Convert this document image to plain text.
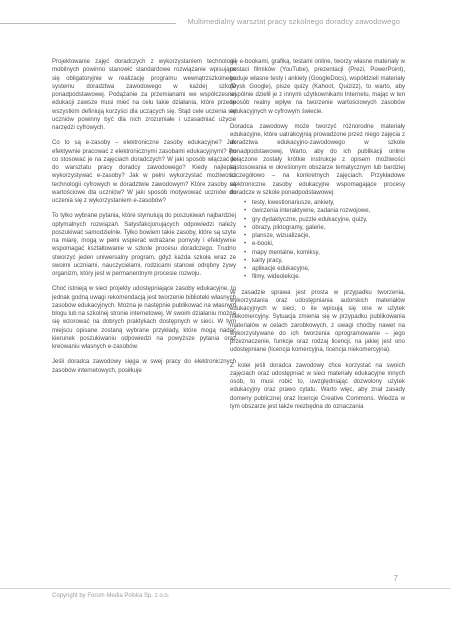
Multimedialny warsztat pracy szkolnego doradcy zawodowego

Projektowanie zajęć doradczych z wykorzystaniem technologii mobilnych powinno stanowić standardowe rozwiązanie wpisujące się obligatoryjnie w realizację programu wewnątrzszkolnego systemu doradztwa zawodowego w każdej szkole ponadpodstawowej. Podążanie za przemianami we współczesnej edukacji zawsze musi mieć na celu takie działania, które przede wszystkim definiują korzyści dla uczących się. Stąd cele uczenia się uczniów powinny być dla nich zrozumiałe i uzasadniać użycie narzędzi cyfrowych.

Co to są e-zasoby – elektroniczne zasoby edukacyjne? Jak efektywnie pracować z elektronicznymi zasobami edukacyjnymi? Po co stosować je na zajęciach doradczych? W jaki sposób włączać je do warsztatu pracy doradcy zawodowego? Kiedy najlepiej wykorzystywać e-zasoby? Jak w pełni wykorzystać możliwości technologii cyfrowych w doradztwie zawodowym? Które zasoby są wartościowe dla uczniów? W jaki sposób motywować uczniów do uczenia się z wykorzystaniem e-zasobów?

To tylko wybrane pytania, które stymulują do poszukiwań najbardziej optymalnych rozwiązań. Satysfakcjonujących odpowiedzi należy poszukiwać samodzielnie. Tylko bowiem takie zasoby, które są szyte na miarę, mogą w pełni wspierać wdrażane pomysły i efektywnie wspomagać kształtowanie w szkole procesu doradczego. Trudno stworzyć jeden uniwersalny program, gdyż każda szkoła wraz ze swoimi uczniami, nauczycielami, rodzicami stanowi odrębny żywy organizm, który jest w permanentnym procesie rozwoju.

Choć istnieją w sieci projekty udostępniające zasoby edukacyjne, to jednak godną uwagi rekomendacją jest tworzenie biblioteki własnych zasobów edukacyjnych. Można je następnie publikować na własnym blogu lub na szkolnej stronie internetowej. W swoim działaniu można się wzorować na dobrych praktykach dostępnych w sieci. W tym miejscu opisane zostaną wybrane przykłady, które mogą nadać kierunek poszukiwaniu odpowiedzi na powyższe pytania oraz kreowaniu własnych e-zasobów.

Jeśli doradca zawodowy sięga w swej pracy do elektronicznych zasobów internetowych, posiłkuje

się e-bookami, grafiką, testami online, tworzy własne materiały w postaci filmików (YouTube), prezentacji (Prezi, PowerPoint), buduje własne testy i ankiety (GoogleDocs), współdzieli materiały (Dysk Google), pisze quizy (Kahoot, Quizizz), to warto, aby wspólnie dzielił je z innymi użytkownikami Internetu, mając w ten sposób realny wpływ na tworzenie wartościowych zasobów edukacyjnych w cyfrowym świecie.

Doradca zawodowy może tworzyć różnorodne materiały edukacyjne, które uatrakcyjnią prowadzone przez niego zajęcia z doradztwa edukacyjno-zawodowego w szkole ponadpodstawowej. Warto, aby do ich publikacji online dołączone zostały krótkie instrukcje z opisem możliwości zastosowania w określonym obszarze tematycznym lub bardziej szczegółowo – na konkretnych zajęciach. Przykładowe elektroniczne zasoby edukacyjne wspomagające procesy doradcze w szkole ponadpodstawowej:

• testy, kwestionariusze, ankiety,
• ćwiczenia interaktywne, zadania rozwojowe,
• gry dydaktyczne, puzzle edukacyjne, quizy,
• obrazy, piktogramy, galerie,
• plansze, wizualizacje,
• e-booki,
• mapy mentalne, komiksy,
• karty pracy,
• aplikacje edukacyjne,
• filmy, wideolekcje.

W zasadzie sprawa jest prosta w przypadku tworzenia, wykorzystania oraz udostępniania autorskich materiałów edukacyjnych w sieci, o ile wpisują się one w użytek niekomercyjny. Sytuacja zmienia się w przypadku publikowania materiałów w celach zarobkowych, z uwagi choćby nawet na wykorzystywane do ich tworzenia oprogramowanie – jego przeznaczenie, funkcje oraz rodzaj licencji, na jakiej jest ono udostępniane (licencja komercyjna, licencja niekomercyjna).

Z kolei jeśli doradca zawodowy chce korzystać na swoich zajęciach oraz udostępniać w sieci materiały edukacyjne innych osób, to musi robić to, uwzględniając dozwolony użytek edukacyjny oraz prawo cytatu. Warto więc, aby znał zasady domeny publicznej oraz licencje Creative Commons. Wiedza w tym obszarze jest także niezbędna do oznaczania

7
Copyright by Forum Media Polska Sp. z o.o.
